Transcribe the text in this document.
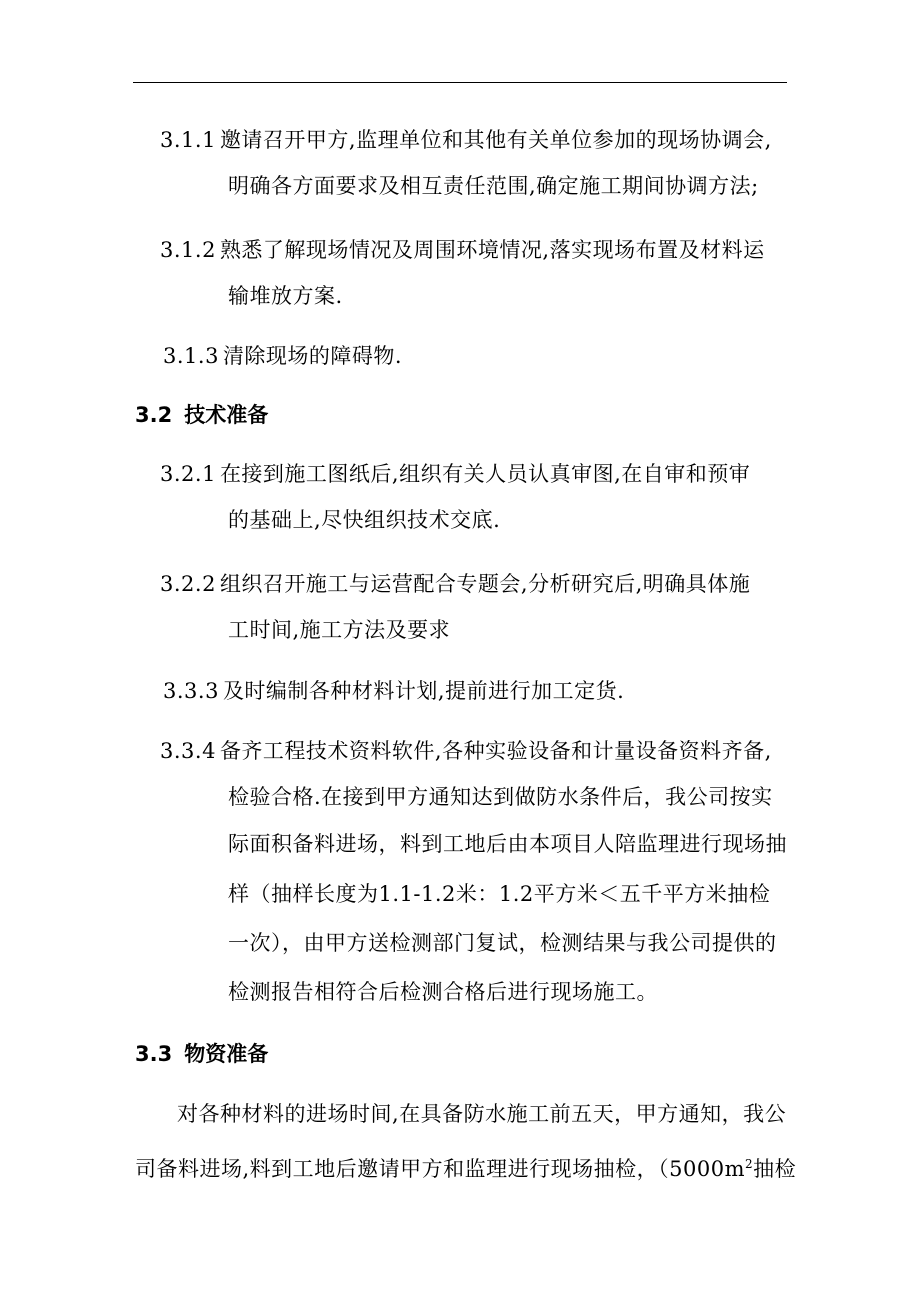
3.1.1 邀请召开甲方,监理单位和其他有关单位参加的现场协调会,
明确各方面要求及相互责任范围,确定施工期间协调方法;
3.1.2 熟悉了解现场情况及周围环境情况,落实现场布置及材料运
输堆放方案.
3.1.3 清除现场的障碍物.
3.2 技术准备
3.2.1 在接到施工图纸后,组织有关人员认真审图,在自审和预审
的基础上,尽快组织技术交底.
3.2.2 组织召开施工与运营配合专题会,分析研究后,明确具体施
工时间,施工方法及要求
3.3.3 及时编制各种材料计划,提前进行加工定货.
3.3.4 备齐工程技术资料软件,各种实验设备和计量设备资料齐备,
检验合格.在接到甲方通知达到做防水条件后，我公司按实
际面积备料进场，料到工地后由本项目人陪监理进行现场抽
样（抽样长度为1.1-1.2米：1.2平方米＜五千平方米抽检
一次），由甲方送检测部门复试，检测结果与我公司提供的
检测报告相符合后检测合格后进行现场施工。
3.3 物资准备
对各种材料的进场时间,在具备防水施工前五天，甲方通知，我公
司备料进场,料到工地后邀请甲方和监理进行现场抽检，（$5000m^2$抽检
